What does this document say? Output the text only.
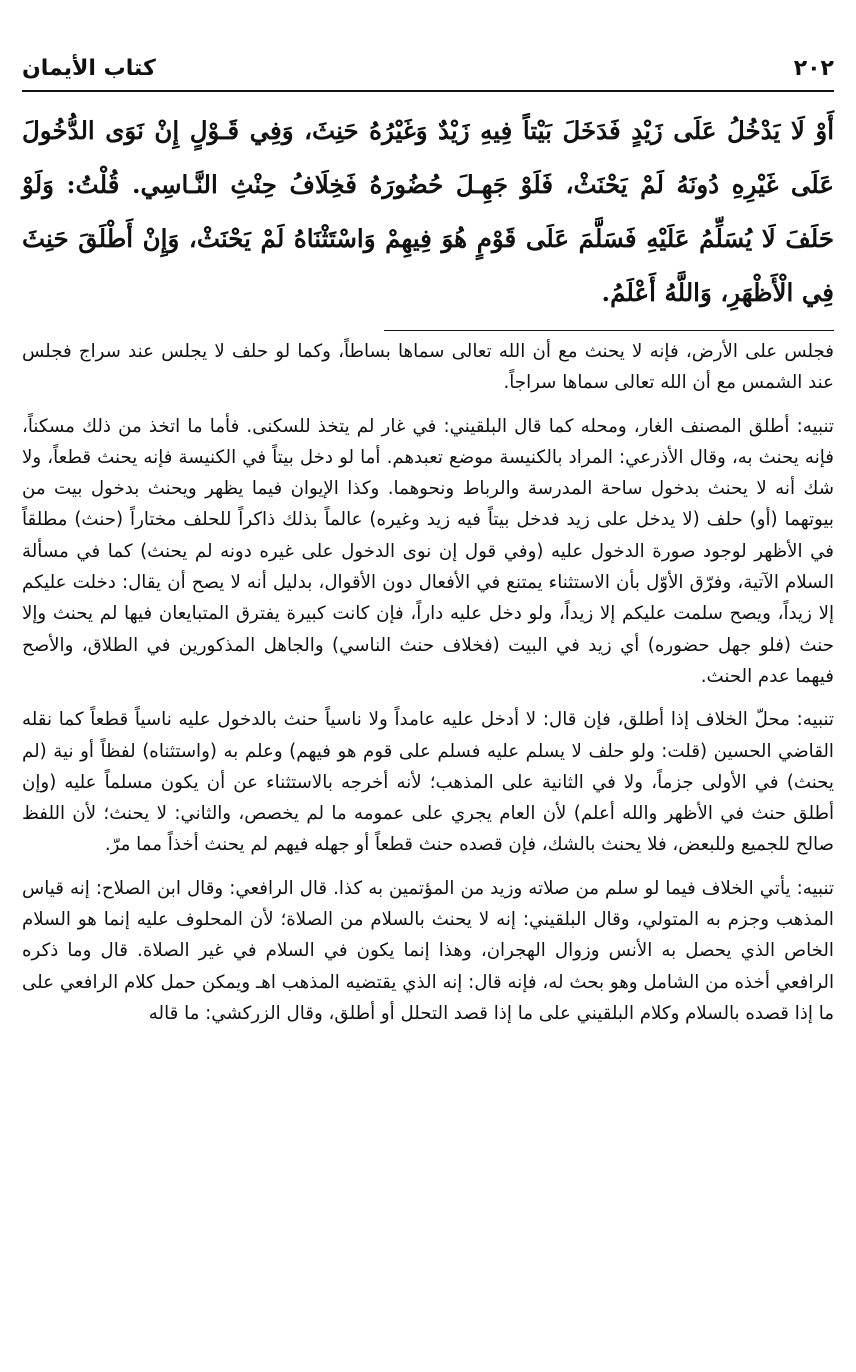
٢٠٢
كتاب الأيمان
أَوْ لَا يَدْخُلُ عَلَى زَيْدٍ فَدَخَلَ بَيْتاً فِيهِ زَيْدٌ وَغَيْرُهُ حَنِثَ، وَفِي قَـوْلٍ إِنْ نَوَى الدُّخُولَ عَلَى غَيْرِهِ دُونَهُ لَمْ يَحْنَثْ، فَلَوْ جَهِـلَ حُضُورَهُ فَخِلَافُ حِنْثِ النَّـاسِي. قُلْتُ: وَلَوْ حَلَفَ لَا يُسَلِّمُ عَلَيْهِ فَسَلَّمَ عَلَى قَوْمٍ هُوَ فِيهِمْ وَاسْتَثْنَاهُ لَمْ يَحْنَثْ، وَإِنْ أَطْلَقَ حَنِثَ فِي الْأَظْهَرِ، وَاللَّهُ أَعْلَمُ.

فجلس على الأرض، فإنه لا يحنث مع أن الله تعالى سماها بساطاً، وكما لو حلف لا يجلس عند سراج فجلس عند الشمس مع أن الله تعالى سماها سراجاً.

تنبيه: أطلق المصنف الغار، ومحله كما قال البلقيني: في غار لم يتخذ للسكنى. فأما ما اتخذ من ذلك مسكناً، فإنه يحنث به، وقال الأذرعي: المراد بالكنيسة موضع تعبدهم. أما لو دخل بيتاً في الكنيسة فإنه يحنث قطعاً، ولا شك أنه لا يحنث بدخول ساحة المدرسة والرباط ونحوهما. وكذا الإيوان فيما يظهر ويحنث بدخول بيت من بيوتهما (أو) حلف (لا يدخل على زيد فدخل بيتاً فيه زيد وغيره) عالماً بذلك ذاكراً للحلف مختاراً (حنث) مطلقاً في الأظهر لوجود صورة الدخول عليه (وفي قول إن نوى الدخول على غيره دونه لم يحنث) كما في مسألة السلام الآتية، وفرّق الأوّل بأن الاستثناء يمتنع في الأفعال دون الأقوال، بدليل أنه لا يصح أن يقال: دخلت عليكم إلا زيداً، ويصح سلمت عليكم إلا زيداً، ولو دخل عليه داراً، فإن كانت كبيرة يفترق المتبايعان فيها لم يحنث وإلا حنث (فلو جهل حضوره) أي زيد في البيت (فخلاف حنث الناسي) والجاهل المذكورين في الطلاق، والأصح فيهما عدم الحنث.

تنبيه: محلّ الخلاف إذا أطلق، فإن قال: لا أدخل عليه عامداً ولا ناسياً حنث بالدخول عليه ناسياً قطعاً كما نقله القاضي الحسين (قلت: ولو حلف لا يسلم عليه فسلم على قوم هو فيهم) وعلم به (واستثناه) لفظاً أو نية (لم يحنث) في الأولى جزماً، ولا في الثانية على المذهب؛ لأنه أخرجه بالاستثناء عن أن يكون مسلماً عليه (وإن أطلق حنث في الأظهر والله أعلم) لأن العام يجري على عمومه ما لم يخصص، والثاني: لا يحنث؛ لأن اللفظ صالح للجميع وللبعض، فلا يحنث بالشك، فإن قصده حنث قطعاً أو جهله فيهم لم يحنث أخذاً مما مرّ.

تنبيه: يأتي الخلاف فيما لو سلم من صلاته وزيد من المؤتمين به كذا. قال الرافعي: وقال ابن الصلاح: إنه قياس المذهب وجزم به المتولي، وقال البلقيني: إنه لا يحنث بالسلام من الصلاة؛ لأن المحلوف عليه إنما هو السلام الخاص الذي يحصل به الأنس وزوال الهجران، وهذا إنما يكون في السلام في غير الصلاة. قال وما ذكره الرافعي أخذه من الشامل وهو بحث له، فإنه قال: إنه الذي يقتضيه المذهب اهـ ويمكن حمل كلام الرافعي على ما إذا قصده بالسلام وكلام البلقيني على ما إذا قصد التحلل أو أطلق، وقال الزركشي: ما قاله
